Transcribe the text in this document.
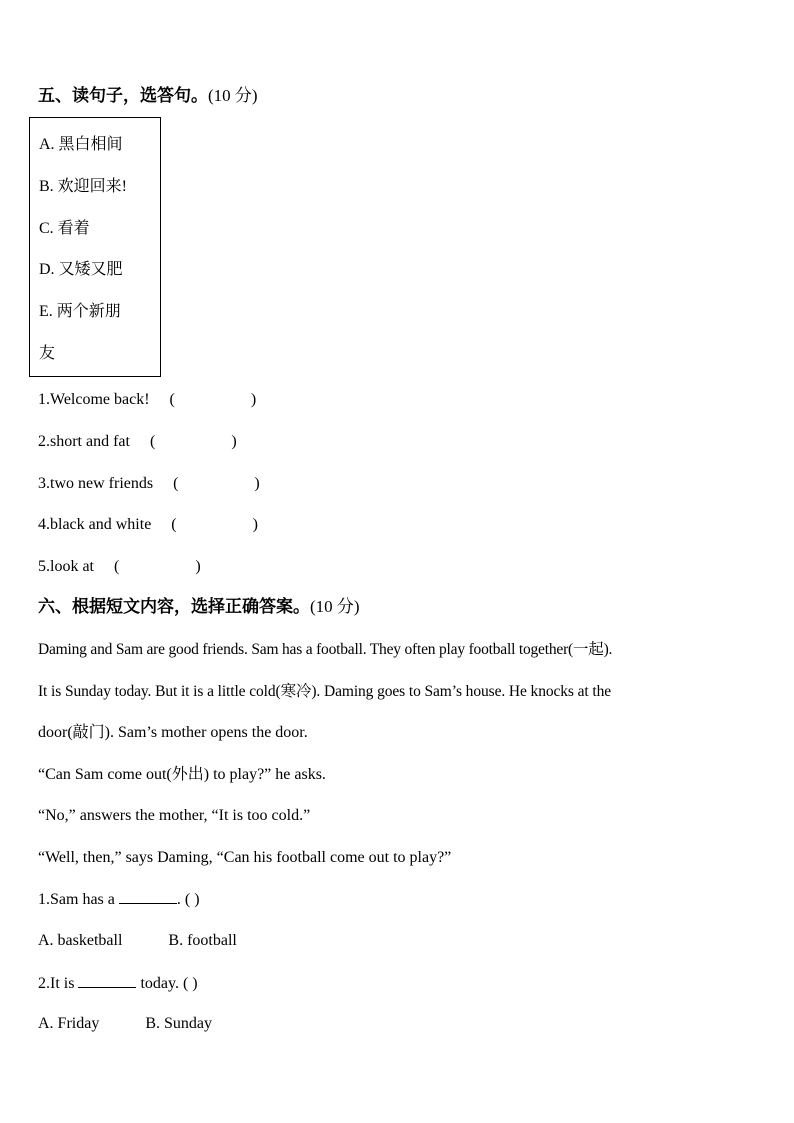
五、读句子，选答句。(10 分)
A. 黑白相间
B. 欢迎回来!
C. 看着
D. 又矮又肥
E. 两个新朋
友
1.Welcome back! (	)
2.short and fat (	)
3.two new friends (	)
4.black and white (	)
5.look at (	)
六、根据短文内容，选择正确答案。(10 分)
Daming and Sam are good friends. Sam has a football. They often play football together(一起).
It is Sunday today. But it is a little cold(寒冷). Daming goes to Sam’s house. He knocks at the
door(敲门). Sam’s mother opens the door.
“Can Sam come out(外出) to play?” he asks.
“No,” answers the mother, “It is too cold.”
“Well, then,” says Daming, “Can his football come out to play?”
1.Sam has a	. ( )
A. basketball	B. football
2.It is	today. ( )
A. Friday	B. Sunday
